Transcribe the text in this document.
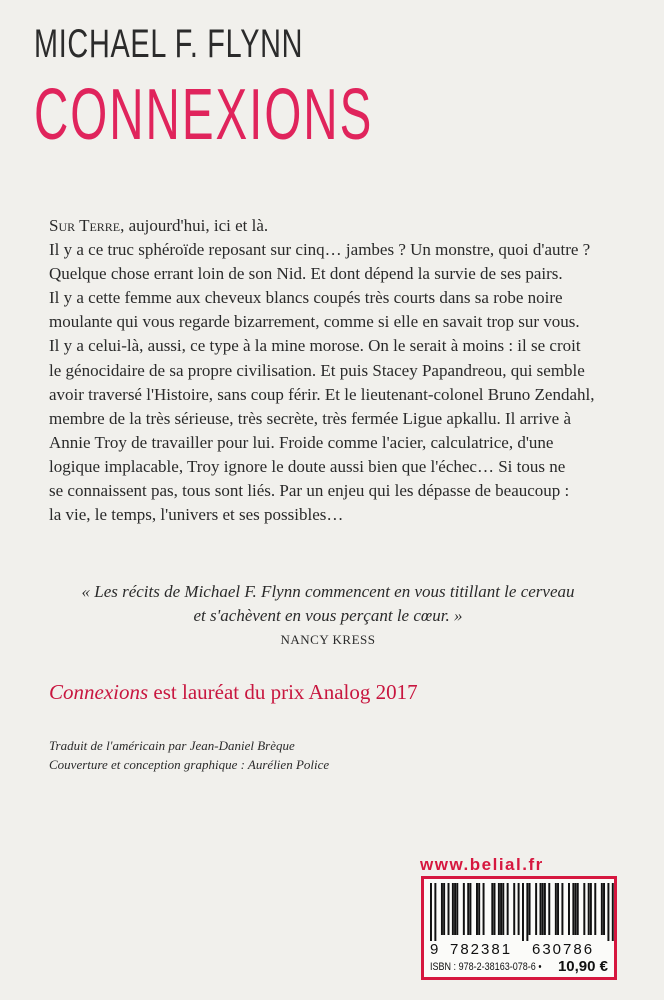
MICHAEL F. FLYNN
CONNEXIONS

Sur Terre, aujourd'hui, ici et là.

Il y a ce truc sphéroïde reposant sur cinq… jambes ? Un monstre, quoi d'autre ?

Quelque chose errant loin de son Nid. Et dont dépend la survie de ses pairs.

Il y a cette femme aux cheveux blancs coupés très courts dans sa robe noire

moulante qui vous regarde bizarrement, comme si elle en savait trop sur vous.

Il y a celui-là, aussi, ce type à la mine morose. On le serait à moins : il se croit

le génocidaire de sa propre civilisation. Et puis Stacey Papandreou, qui semble

avoir traversé l'Histoire, sans coup férir. Et le lieutenant-colonel Bruno Zendahl,

membre de la très sérieuse, très secrète, très fermée Ligue apkallu. Il arrive à

Annie Troy de travailler pour lui. Froide comme l'acier, calculatrice, d'une

logique implacable, Troy ignore le doute aussi bien que l'échec… Si tous ne

se connaissent pas, tous sont liés. Par un enjeu qui les dépasse de beaucoup :

la vie, le temps, l'univers et ses possibles…

« Les récits de Michael F. Flynn commencent en vous titillant le cerveau
et s'achèvent en vous perçant le cœur. »
NANCY KRESS
Connexions est lauréat du prix Analog 2017
Traduit de l'américain par Jean-Daniel Brèque
Couverture et conception graphique : Aurélien Police
www.belial.fr
9 782381 630786
ISBN : 978-2-38163-078-6 • 10,90 €
